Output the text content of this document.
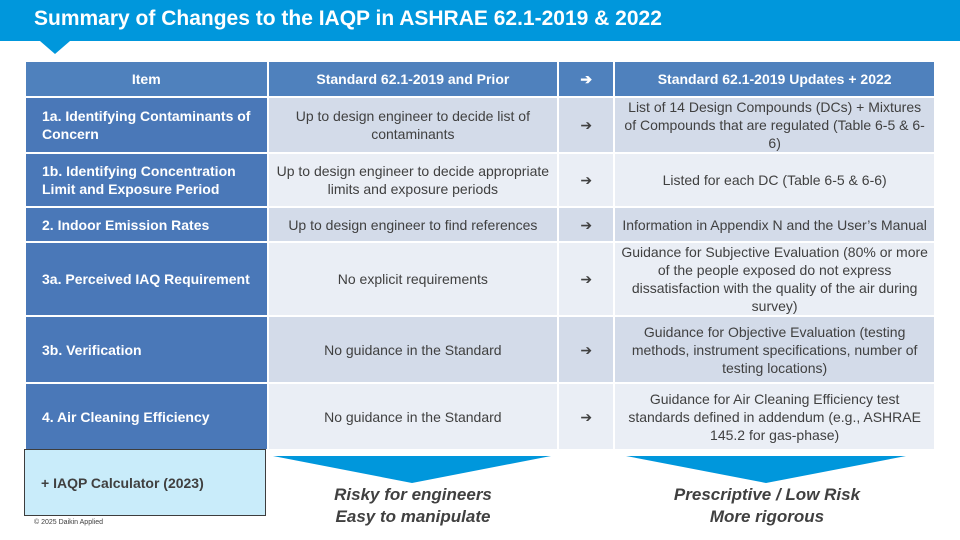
Summary of Changes to the IAQP in ASHRAE 62.1-2019 & 2022
Item	Standard 62.1-2019 and Prior	➔	Standard 62.1-2019 Updates + 2022
1a. Identifying Contaminants of Concern	Up to design engineer to decide list of contaminants	➔	List of 14 Design Compounds (DCs) + Mixtures of Compounds that are regulated (Table 6-5 & 6-6)
1b. Identifying Concentration Limit and Exposure Period	Up to design engineer to decide appropriate limits and exposure periods	➔	Listed for each DC (Table 6-5 & 6-6)
2. Indoor Emission Rates	Up to design engineer to find references	➔	Information in Appendix N and the User’s Manual
3a. Perceived IAQ Requirement	No explicit requirements	➔	Guidance for Subjective Evaluation (80% or more of the people exposed do not express dissatisfaction with the quality of the air during survey)
3b. Verification	No guidance in the Standard	➔	Guidance for Objective Evaluation (testing methods, instrument specifications, number of testing locations)
4. Air Cleaning Efficiency	No guidance in the Standard	➔	Guidance for Air Cleaning Efficiency test standards defined in addendum (e.g., ASHRAE 145.2 for gas-phase)
+ IAQP Calculator (2023)
Risky for engineers
Easy to manipulate
Prescriptive / Low Risk
More rigorous
© 2025 Daikin Applied
